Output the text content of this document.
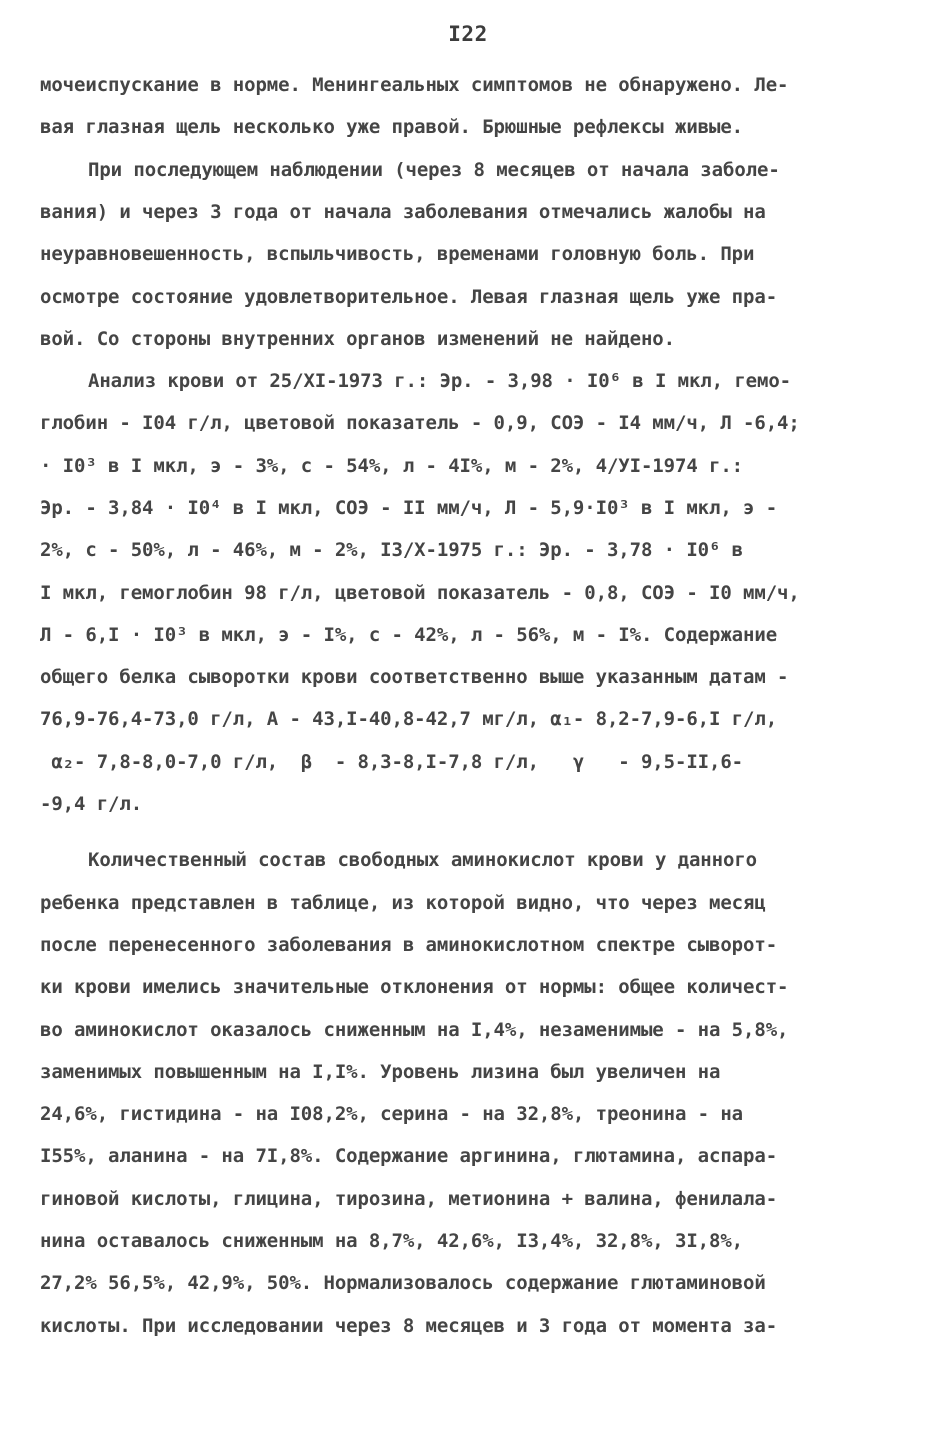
I22
мочеиспускание в норме. Менингеальных симптомов не обнаружено. Ле-
вая глазная щель несколько уже правой. Брюшные рефлексы живые.
При последующем наблюдении (через 8 месяцев от начала заболе-
вания) и через 3 года от начала заболевания отмечались жалобы на
неуравновешенность, вспыльчивость, временами головную боль. При
осмотре состояние удовлетворительное. Левая глазная щель уже пра-
вой. Со стороны внутренних органов изменений не найдено.
Анализ крови от 25/XI-1973 г.: Эр. - 3,98 · I0⁶ в I мкл, гемо-
глобин - I04 г/л, цветовой показатель - 0,9, СОЭ - I4 мм/ч, Л -6,4;
· I0³ в I мкл, э - 3%, с - 54%, л - 4I%, м - 2%, 4/УI-1974 г.:
Эр. - 3,84 · I0⁴ в I мкл, СОЭ - II мм/ч, Л - 5,9·I0³ в I мкл, э -
2%, с - 50%, л - 46%, м - 2%, I3/X-1975 г.: Эр. - 3,78 · I0⁶ в
I мкл, гемоглобин 98 г/л, цветовой показатель - 0,8, СОЭ - I0 мм/ч,
Л - 6,I · I0³ в мкл, э - I%, с - 42%, л - 56%, м - I%. Содержание
общего белка сыворотки крови соответственно выше указанным датам -
76,9-76,4-73,0 г/л, А - 43,I-40,8-42,7 мг/л, α₁- 8,2-7,9-6,I г/л,
α₂- 7,8-8,0-7,0 г/л,  β  - 8,3-8,I-7,8 г/л,   γ   - 9,5-II,6-
-9,4 г/л.
Количественный состав свободных аминокислот крови у данного
ребенка представлен в таблице, из которой видно, что через месяц
после перенесенного заболевания в аминокислотном спектре сыворот-
ки крови имелись значительные отклонения от нормы: общее количест-
во аминокислот оказалось сниженным на I,4%, незаменимые - на 5,8%,
заменимых повышенным на I,I%. Уровень лизина был увеличен на
24,6%, гистидина - на I08,2%, серина - на 32,8%, треонина - на
I55%, аланина - на 7I,8%. Содержание аргинина, глютамина, аспара-
гиновой кислоты, глицина, тирозина, метионина + валина, фенилала-
нина оставалось сниженным на 8,7%, 42,6%, I3,4%, 32,8%, 3I,8%,
27,2% 56,5%, 42,9%, 50%. Нормализовалось содержание глютаминовой
кислоты. При исследовании через 8 месяцев и 3 года от момента за-
